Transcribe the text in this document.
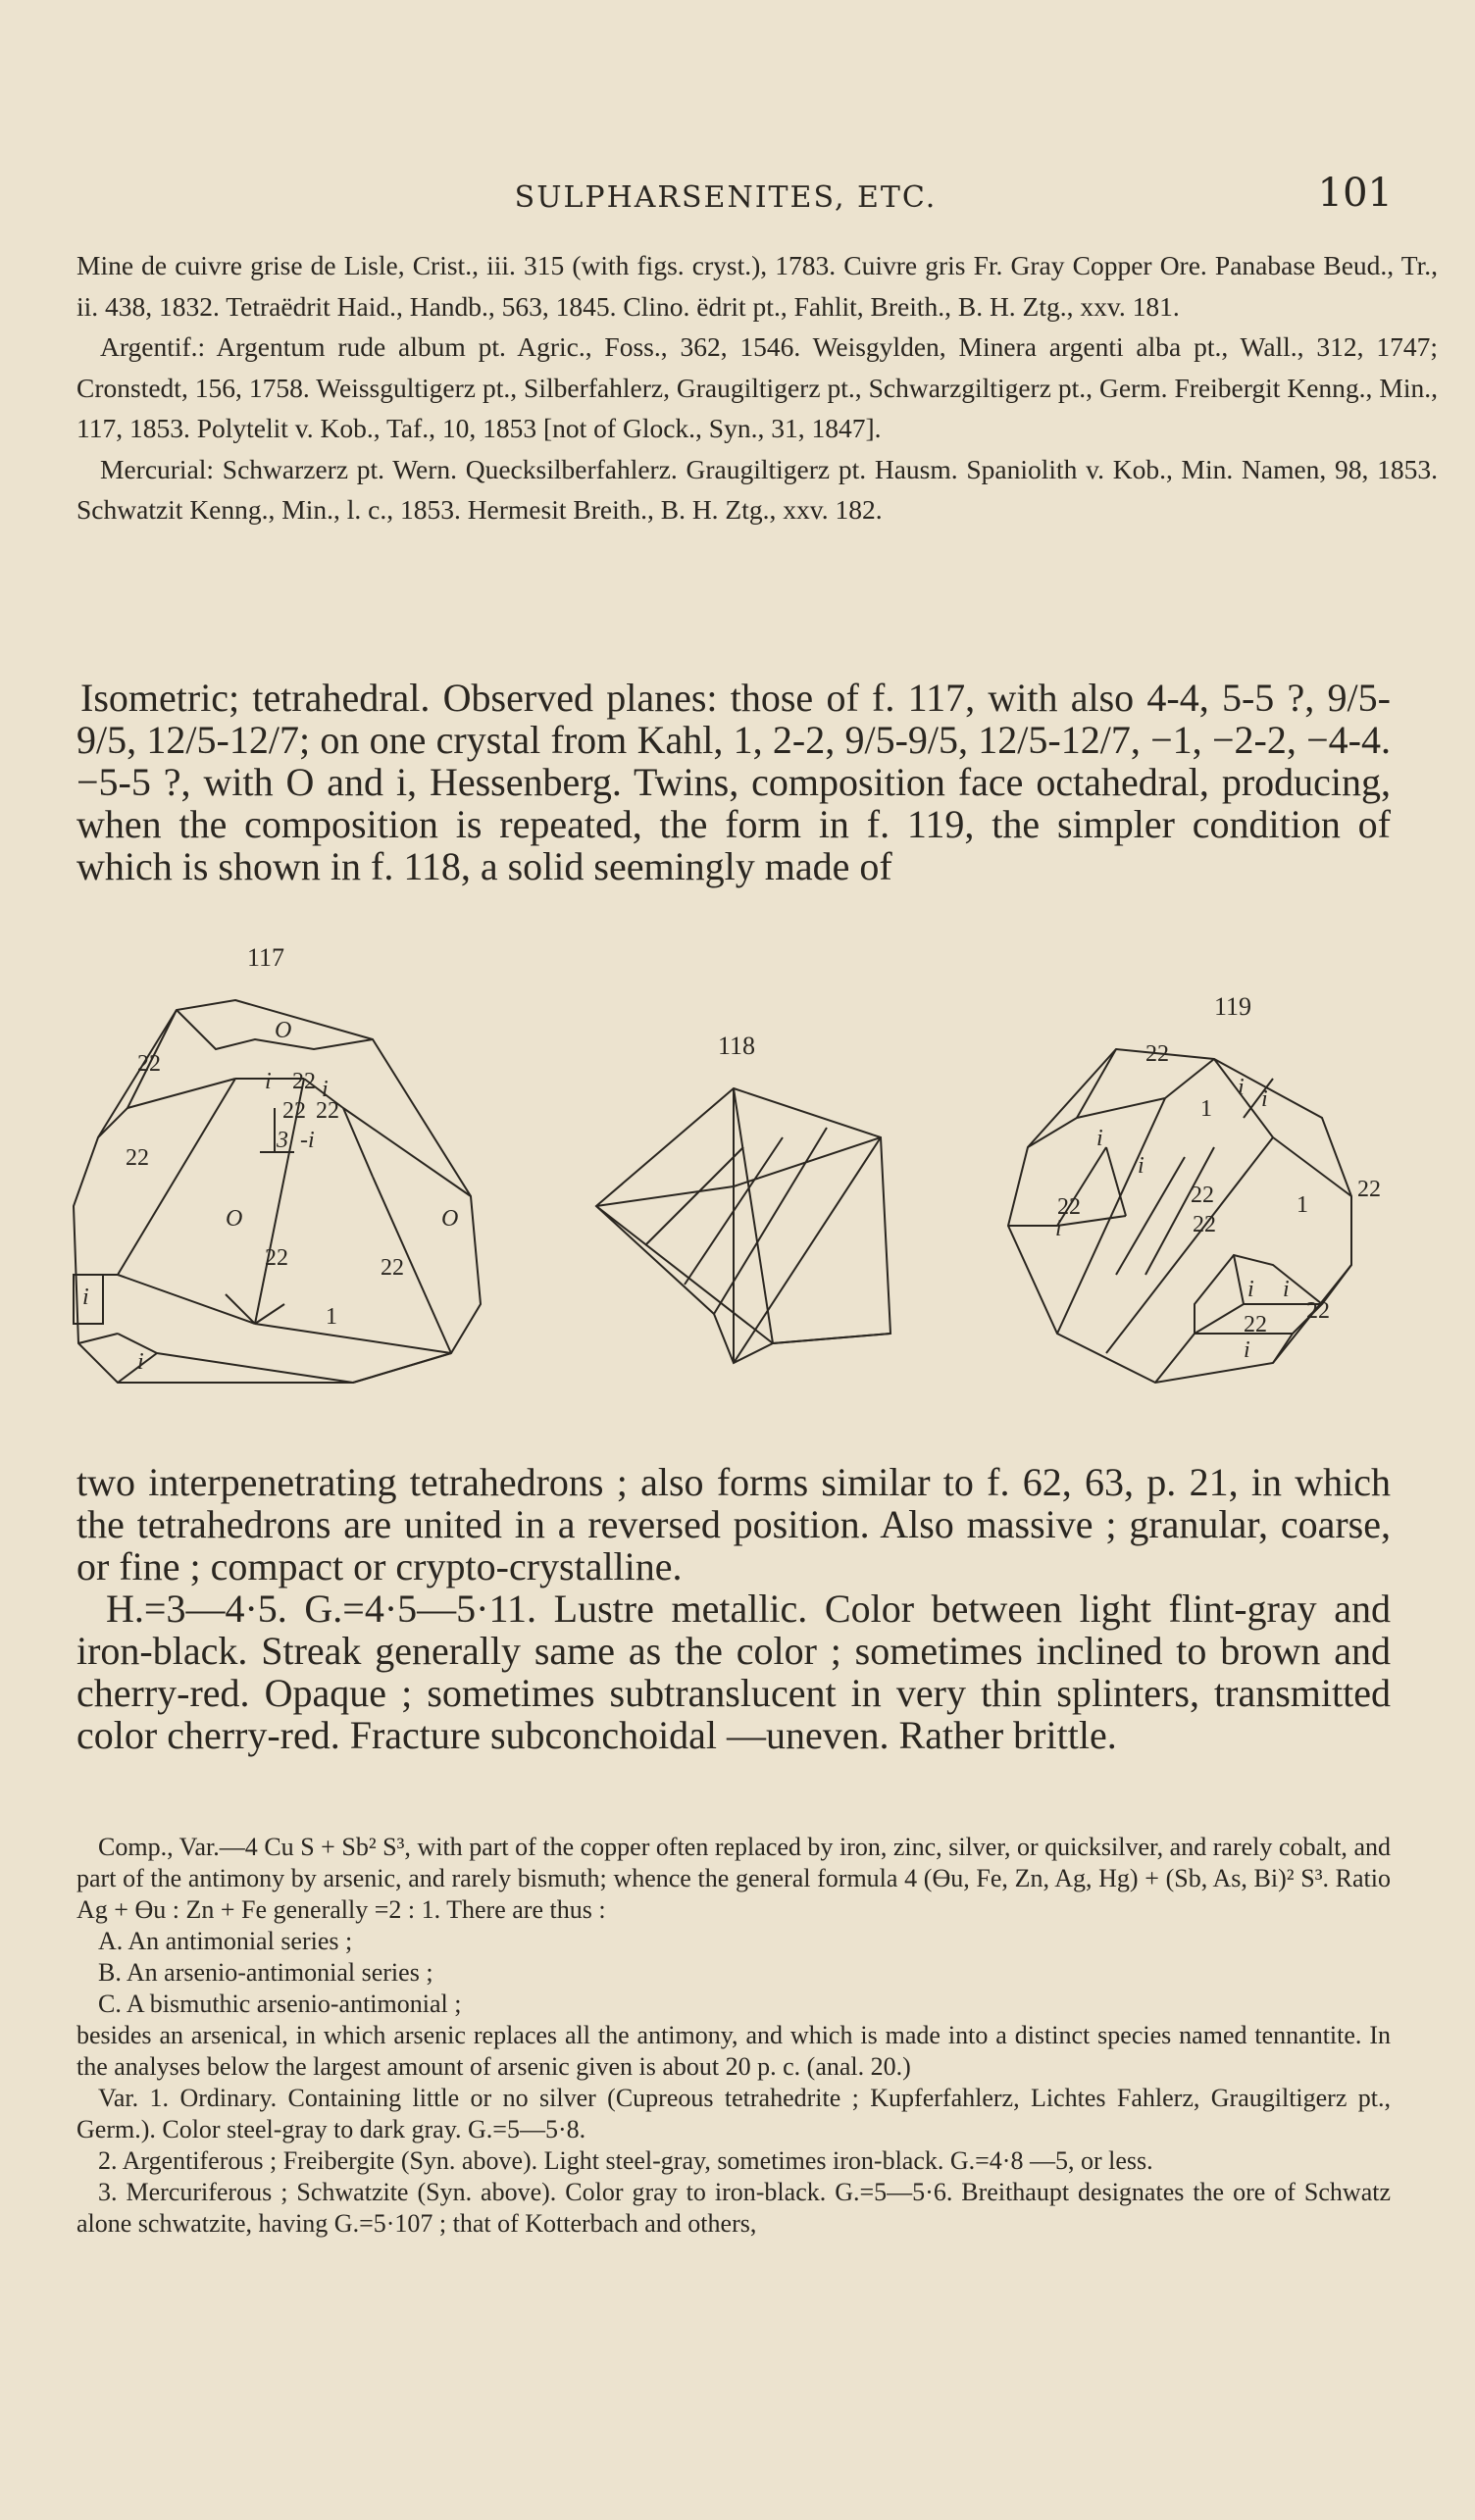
SULPHARSENITES, ETC.	101

Mine de cuivre grise de Lisle, Crist., iii. 315 (with figs. cryst.), 1783. Cuivre gris Fr. Gray Copper Ore. Panabase Beud., Tr., ii. 438, 1832. Tetraëdrit Haid., Handb., 563, 1845. Clino. ëdrit pt., Fahlit, Breith., B. H. Ztg., xxv. 181.

Argentif.: Argentum rude album pt. Agric., Foss., 362, 1546. Weisgylden, Minera argenti alba pt., Wall., 312, 1747; Cronstedt, 156, 1758. Weissgultigerz pt., Silberfahlerz, Graugiltigerz pt., Schwarzgiltigerz pt., Germ. Freibergit Kenng., Min., 117, 1853. Polytelit v. Kob., Taf., 10, 1853 [not of Glock., Syn., 31, 1847].

Mercurial: Schwarzerz pt. Wern. Quecksilberfahlerz. Graugiltigerz pt. Hausm. Spaniolith v. Kob., Min. Namen, 98, 1853. Schwatzit Kenng., Min., l. c., 1853. Hermesit Breith., B. H. Ztg., xxv. 182.

Isometric; tetrahedral. Observed planes: those of f. 117, with also 4-4, 5-5 ?, 9/5-9/5, 12/5-12/7; on one crystal from Kahl, 1, 2-2, 9/5-9/5, 12/5-12/7, −1, −2-2, −4-4. −5-5 ?, with O and i, Hessenberg. Twins, composition face octahedral, producing, when the composition is repeated, the form in f. 119, the simpler condition of which is shown in f. 118, a solid seemingly made of

117
O
22
i 22 i
22 22
3 -i
22
O
22	22
O
1
i
i
118
119
22
i i
1
i
i
22
i
22
22
1
22
i i
22
22
i

two interpenetrating tetrahedrons ; also forms similar to f. 62, 63, p. 21, in which the tetrahedrons are united in a reversed position. Also massive ; granular, coarse, or fine ; compact or crypto-crystalline.

H.=3—4·5. G.=4·5—5·11. Lustre metallic. Color between light flint-gray and iron-black. Streak generally same as the color ; sometimes inclined to brown and cherry-red. Opaque ; sometimes subtranslucent in very thin splinters, transmitted color cherry-red. Fracture subconchoidal —uneven. Rather brittle.

Comp., Var.—4 Cu S + Sb² S³, with part of the copper often replaced by iron, zinc, silver, or quicksilver, and rarely cobalt, and part of the antimony by arsenic, and rarely bismuth; whence the general formula 4 (Ɵu, Fe, Zn, Ag, Hg) + (Sb, As, Bi)² S³. Ratio Ag + Ɵu : Zn + Fe generally =2 : 1. There are thus :

A. An antimonial series ;

B. An arsenio-antimonial series ;

C. A bismuthic arsenio-antimonial ;

besides an arsenical, in which arsenic replaces all the antimony, and which is made into a distinct species named tennantite. In the analyses below the largest amount of arsenic given is about 20 p. c. (anal. 20.)

Var. 1. Ordinary. Containing little or no silver (Cupreous tetrahedrite ; Kupferfahlerz, Lichtes Fahlerz, Graugiltigerz pt., Germ.). Color steel-gray to dark gray. G.=5—5·8.

2. Argentiferous ; Freibergite (Syn. above). Light steel-gray, sometimes iron-black. G.=4·8 —5, or less.

3. Mercuriferous ; Schwatzite (Syn. above). Color gray to iron-black. G.=5—5·6. Breithaupt designates the ore of Schwatz alone schwatzite, having G.=5·107 ; that of Kotterbach and others,
